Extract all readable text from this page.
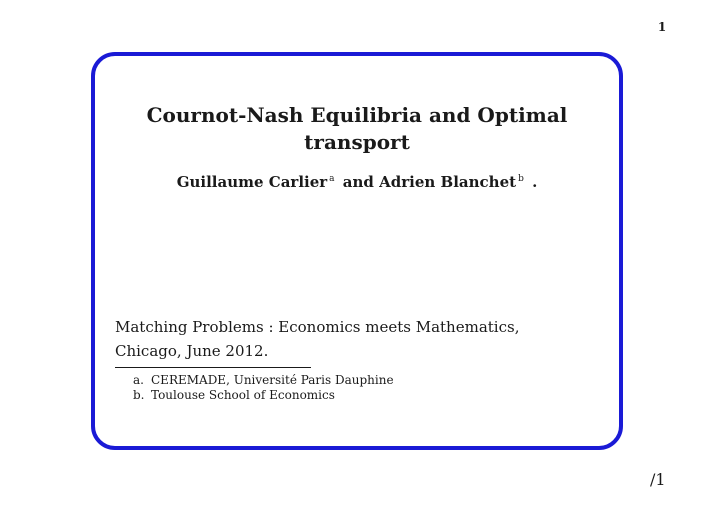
1
Cournot-Nash Equilibria and Optimal
transport
Guillaume Carlier $^a$ and Adrien Blanchet $^b$ .
Matching Problems : Economics meets Mathematics,
Chicago, June 2012.
a. CEREMADE, Université Paris Dauphine
b. Toulouse School of Economics
/1
